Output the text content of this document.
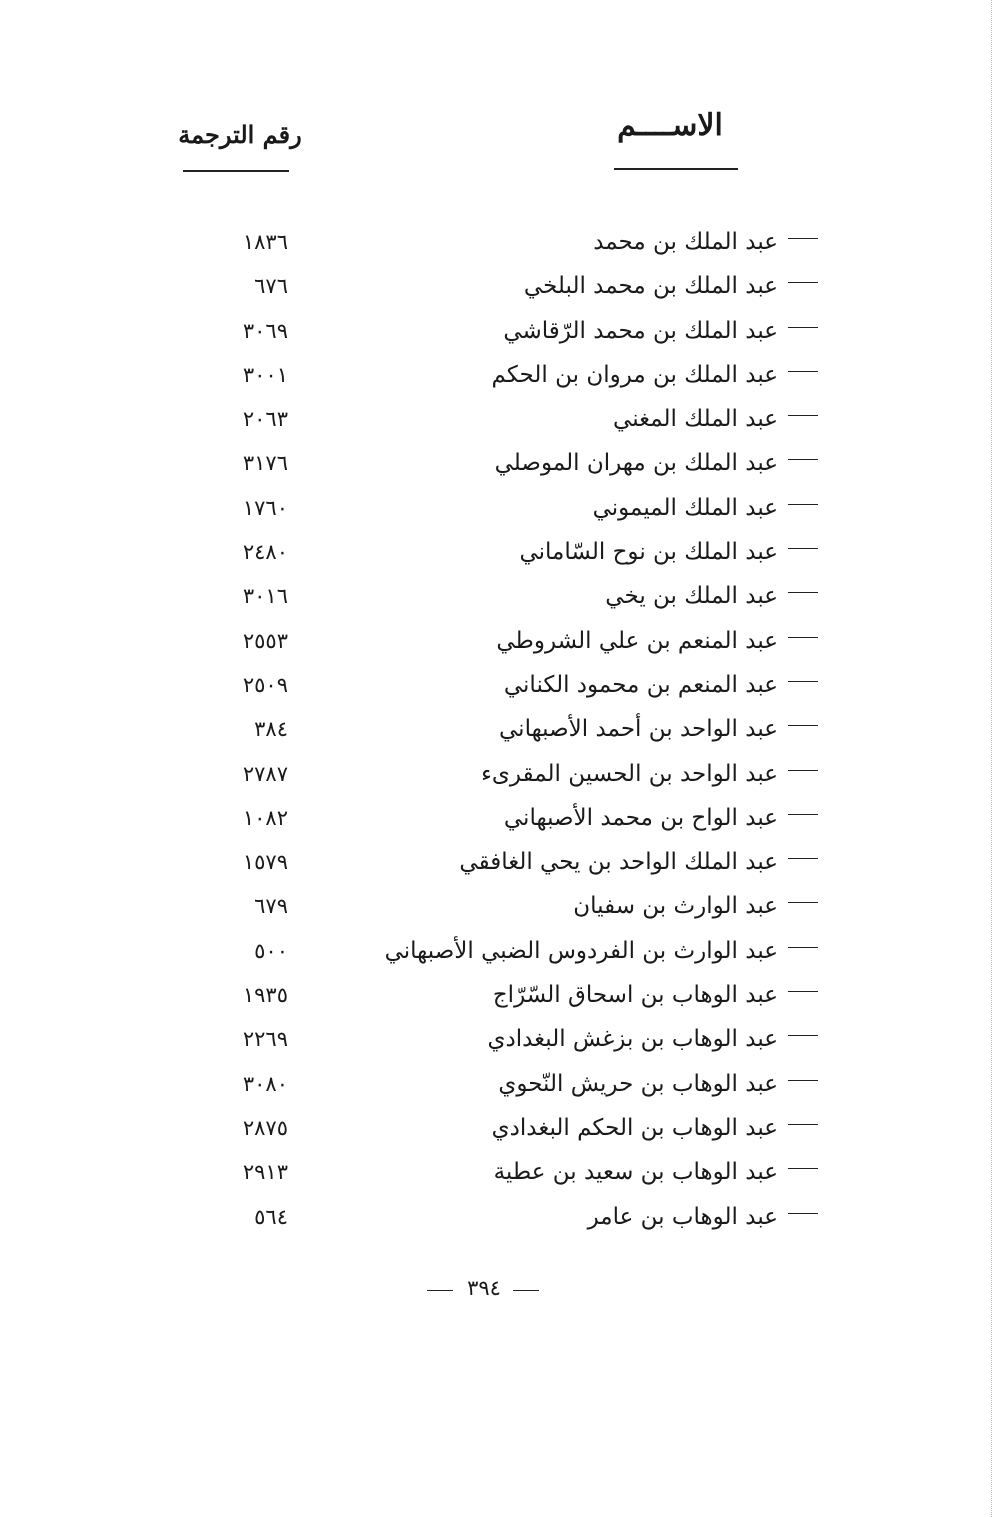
الاســــم
رقم الترجمة
عبد الملك بن محمد
١٨٣٦
عبد الملك بن محمد البلخي
٦٧٦
عبد الملك بن محمد الرّقاشي
٣٠٦٩
عبد الملك بن مروان بن الحكم
٣٠٠١
عبد الملك المغني
٢٠٦٣
عبد الملك بن مهران الموصلي
٣١٧٦
عبد الملك الميموني
١٧٦٠
عبد الملك بن نوح السّاماني
٢٤٨٠
عبد الملك بن يخي
٣٠١٦
عبد المنعم بن علي الشروطي
٢٥٥٣
عبد المنعم بن محمود الكناني
٢٥٠٩
عبد الواحد بن أحمد الأصبهاني
٣٨٤
عبد الواحد بن الحسين المقرىء
٢٧٨٧
عبد الواح بن محمد الأصبهاني
١٠٨٢
عبد الملك الواحد بن يحي الغافقي
١٥٧٩
عبد الوارث بن سفيان
٦٧٩
عبد الوارث بن الفردوس الضبي الأصبهاني
٥٠٠
عبد الوهاب بن اسحاق السّرّاج
١٩٣٥
عبد الوهاب بن بزغش البغدادي
٢٢٦٩
عبد الوهاب بن حريش النّحوي
٣٠٨٠
عبد الوهاب بن الحكم البغدادي
٢٨٧٥
عبد الوهاب بن سعيد بن عطية
٢٩١٣
عبد الوهاب بن عامر
٥٦٤
٣٩٤
